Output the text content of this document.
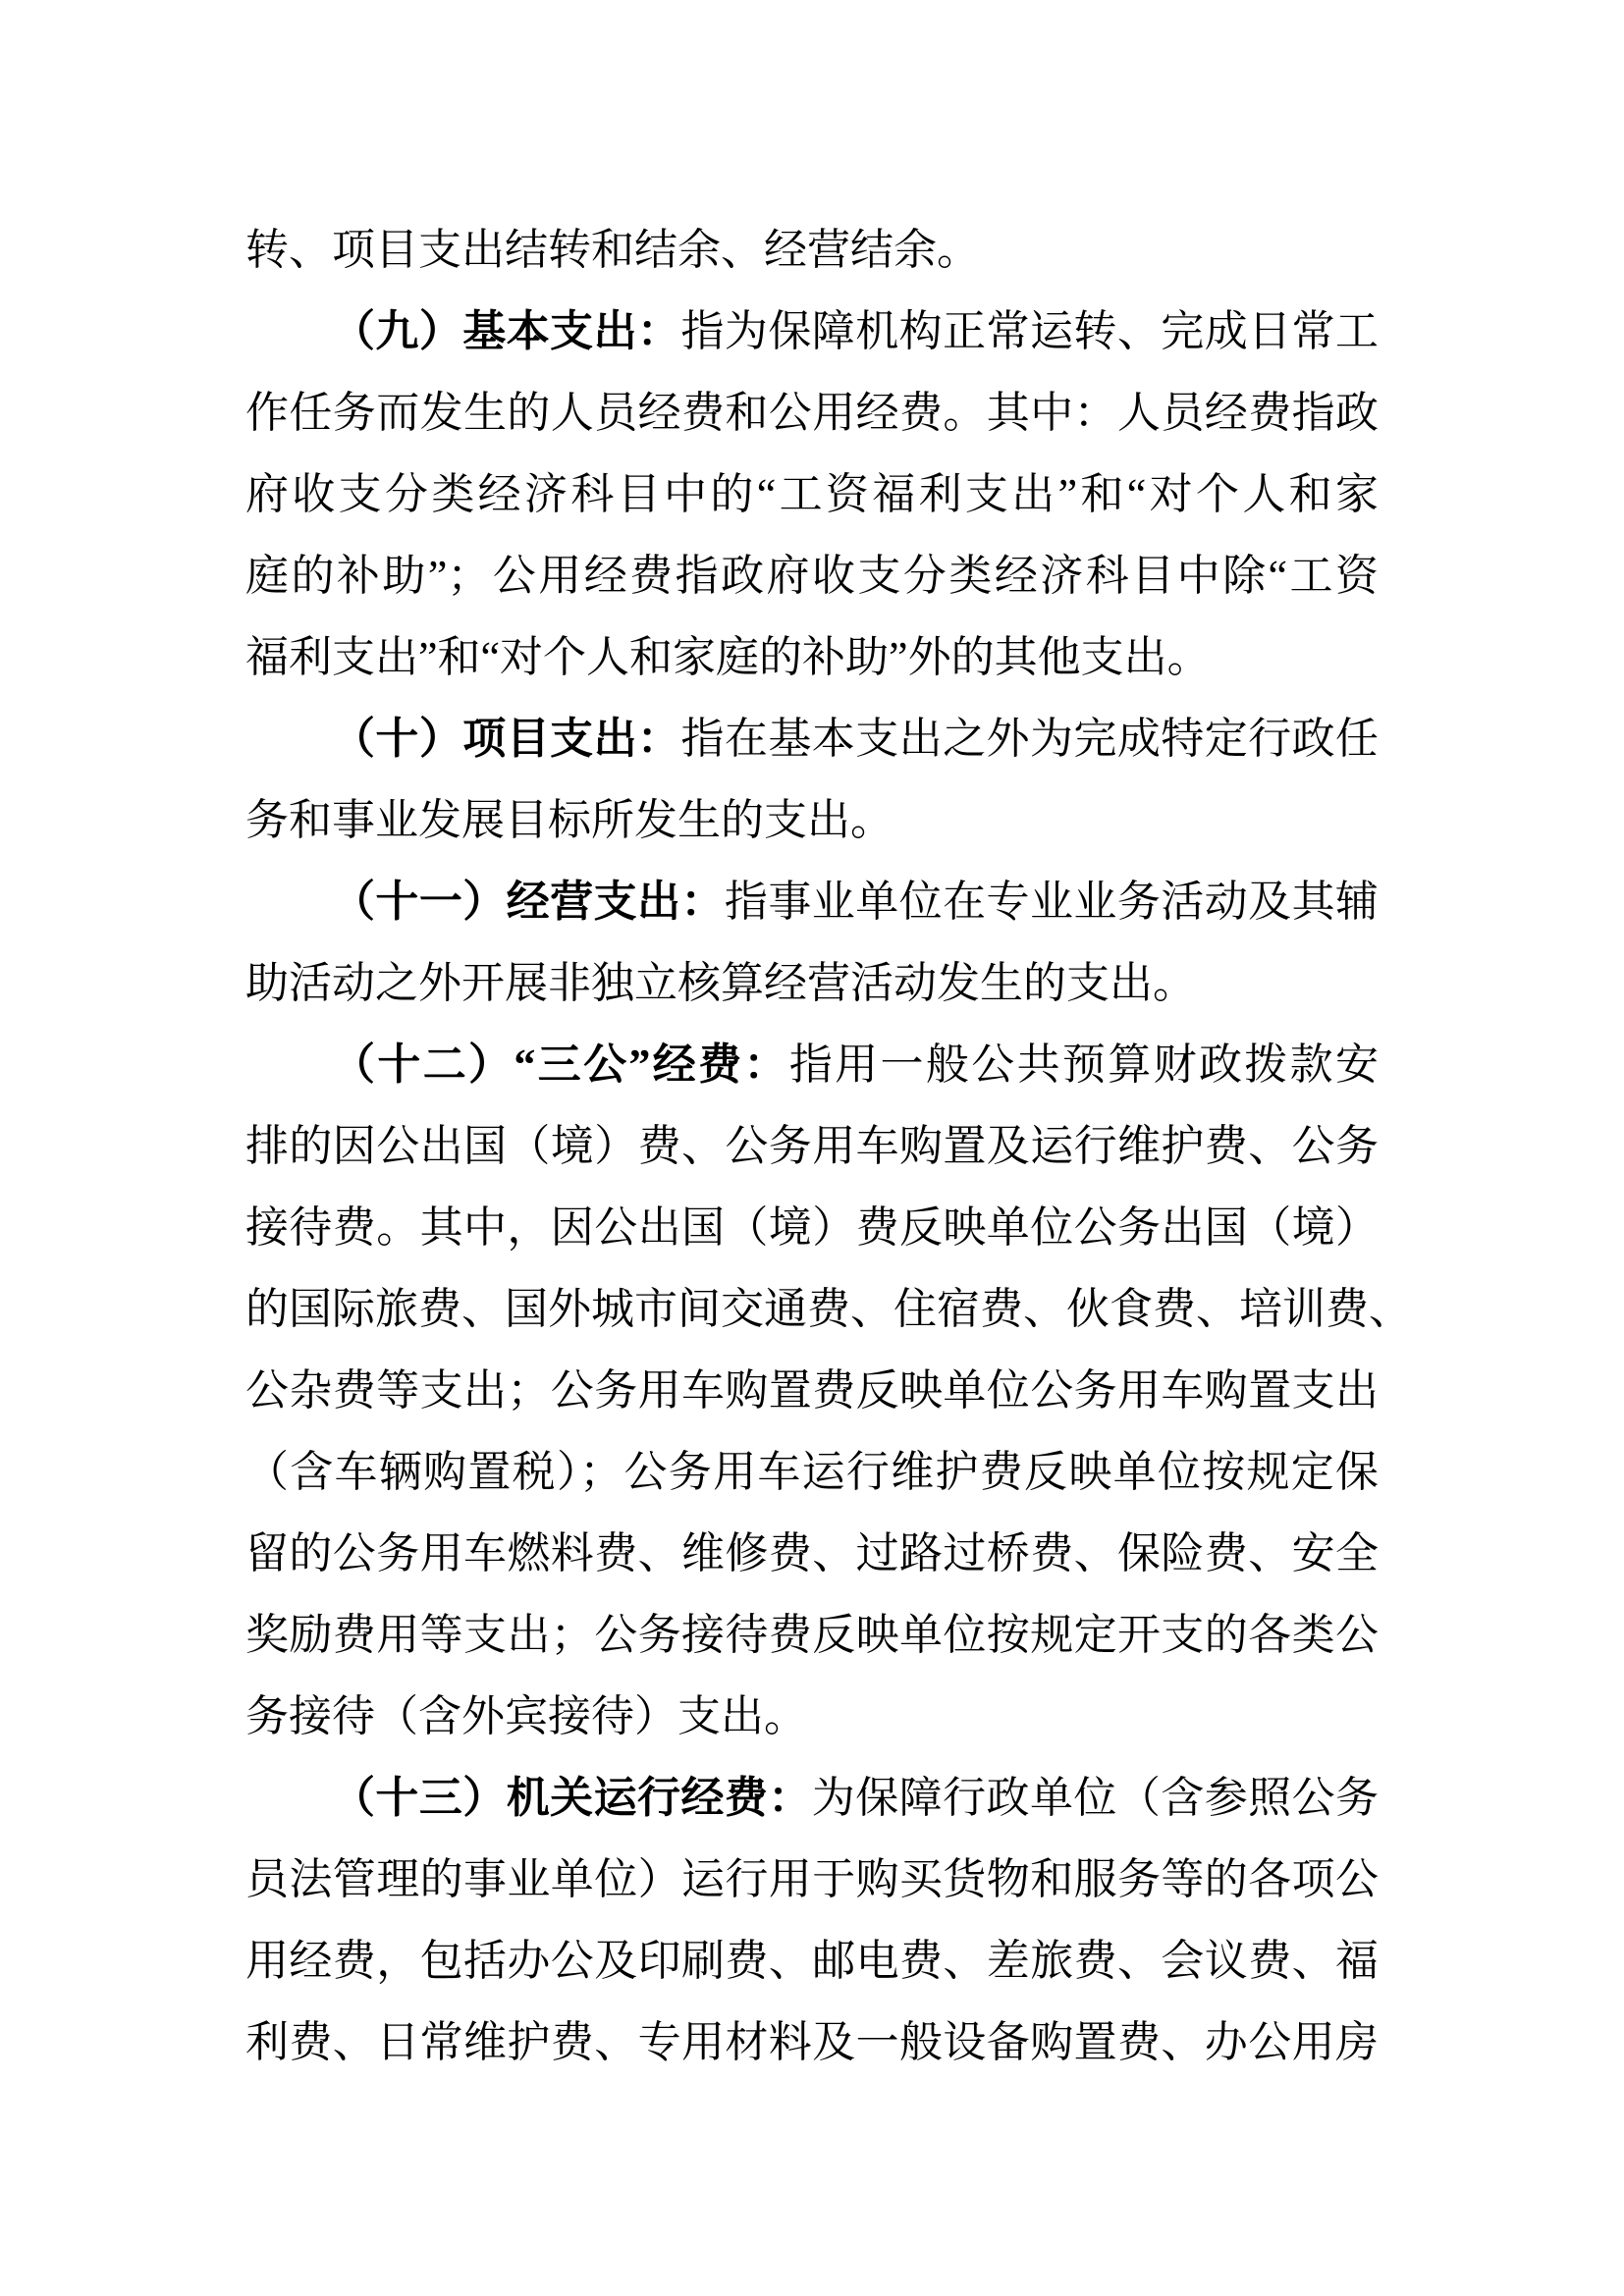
转、项目支出结转和结余、经营结余。
（九）基本支出：指为保障机构正常运转、完成日常工
作任务而发生的人员经费和公用经费。其中：人员经费指政
府收支分类经济科目中的“工资福利支出”和“对个人和家
庭的补助”；公用经费指政府收支分类经济科目中除“工资
福利支出”和“对个人和家庭的补助”外的其他支出。
（十）项目支出：指在基本支出之外为完成特定行政任
务和事业发展目标所发生的支出。
（十一）经营支出：指事业单位在专业业务活动及其辅
助活动之外开展非独立核算经营活动发生的支出。
（十二）“三公”经费：指用一般公共预算财政拨款安
排的因公出国（境）费、公务用车购置及运行维护费、公务
接待费。其中，因公出国（境）费反映单位公务出国（境）
的国际旅费、国外城市间交通费、住宿费、伙食费、培训费、
公杂费等支出；公务用车购置费反映单位公务用车购置支出
（含车辆购置税）；公务用车运行维护费反映单位按规定保
留的公务用车燃料费、维修费、过路过桥费、保险费、安全
奖励费用等支出；公务接待费反映单位按规定开支的各类公
务接待（含外宾接待）支出。
（十三）机关运行经费：为保障行政单位（含参照公务
员法管理的事业单位）运行用于购买货物和服务等的各项公
用经费，包括办公及印刷费、邮电费、差旅费、会议费、福
利费、日常维护费、专用材料及一般设备购置费、办公用房
